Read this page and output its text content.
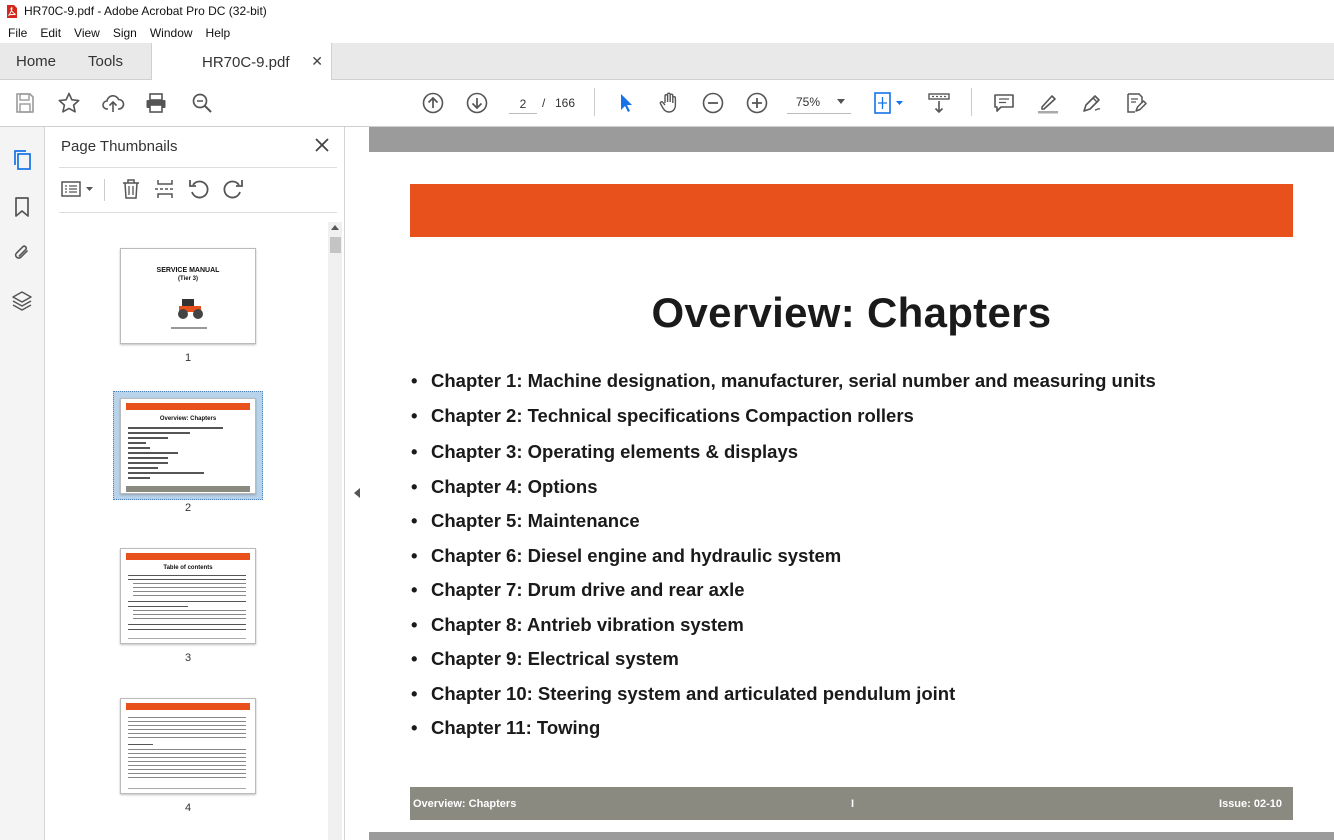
HR70C-9.pdf - Adobe Acrobat Pro DC (32-bit)
File	Edit	View	Sign	Window	Help
Home Tools	HR70C-9.pdf ✕
2
/ 166	75%
Page Thumbnails
SERVICE MANUAL
(Tier 3)
1
Overview: Chapters
2
Table of contents
3
4
Overview: Chapters
• Chapter 1: Machine designation, manufacturer, serial number and measuring units
• Chapter 2: Technical specifications Compaction rollers
• Chapter 3: Operating elements & displays
• Chapter 4: Options
• Chapter 5: Maintenance
• Chapter 6: Diesel engine and hydraulic system
• Chapter 7: Drum drive and rear axle
• Chapter 8: Antrieb vibration system
• Chapter 9: Electrical system
• Chapter 10: Steering system and articulated pendulum joint
• Chapter 11: Towing
Overview: Chapters	I	Issue: 02-10
